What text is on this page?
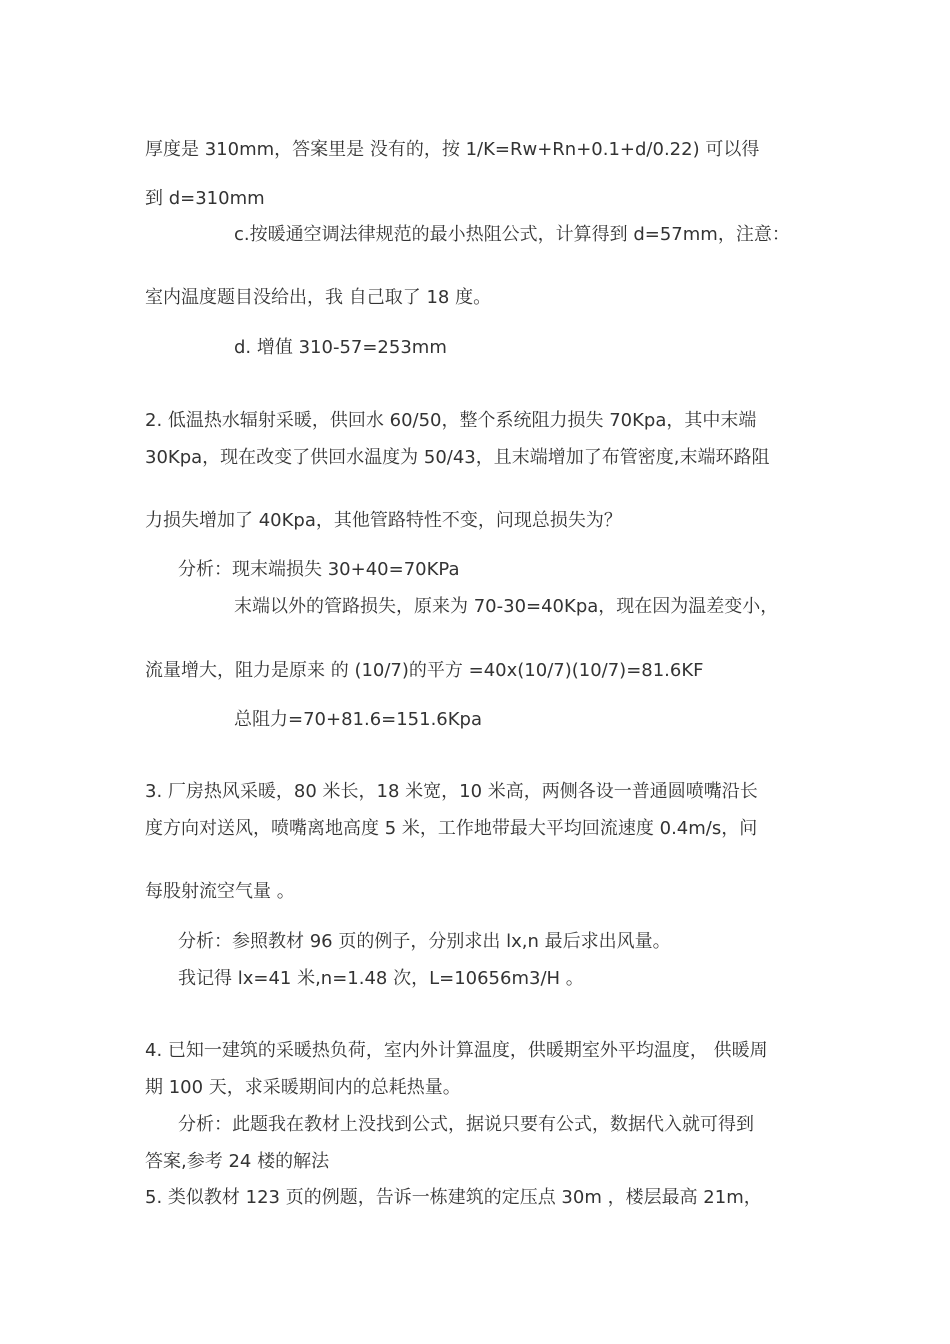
厚度是 310mm，答案里是 没有的，按 1/K=Rw+Rn+0.1+d/0.22) 可以得
到 d=310mm
c.按暖通空调法律规范的最小热阻公式，计算得到 d=57mm，注意：
室内温度题目没给出，我 自己取了 18 度。
d. 增值 310-57=253mm
2. 低温热水辐射采暖，供回水 60/50，整个系统阻力损失 70Kpa，其中末端
30Kpa，现在改变了供回水温度为 50/43，且末端增加了布管密度,末端环路阻
力损失增加了 40Kpa，其他管路特性不变，问现总损失为？
分析：现末端损失 30+40=70KPa
末端以外的管路损失，原来为 70-30=40Kpa，现在因为温差变小，
流量增大，阻力是原来 的 (10/7)的平方 =40x(10/7)(10/7)=81.6KF
总阻力=70+81.6=151.6Kpa
3. 厂房热风采暖，80 米长，18 米宽，10 米高，两侧各设一普通圆喷嘴沿长
度方向对送风，喷嘴离地高度 5 米，工作地带最大平均回流速度 0.4m/s，问
每股射流空气量 。
分析：参照教材 96 页的例子，分别求出 lx,n 最后求出风量。
我记得 lx=41 米,n=1.48 次，L=10656m3/H 。
4. 已知一建筑的采暖热负荷，室内外计算温度，供暖期室外平均温度， 供暖周
期 100 天，求采暖期间内的总耗热量。
分析：此题我在教材上没找到公式，据说只要有公式，数据代入就可得到
答案,参考 24 楼的解法
5. 类似教材 123 页的例题，告诉一栋建筑的定压点 30m ，楼层最高 21m，
